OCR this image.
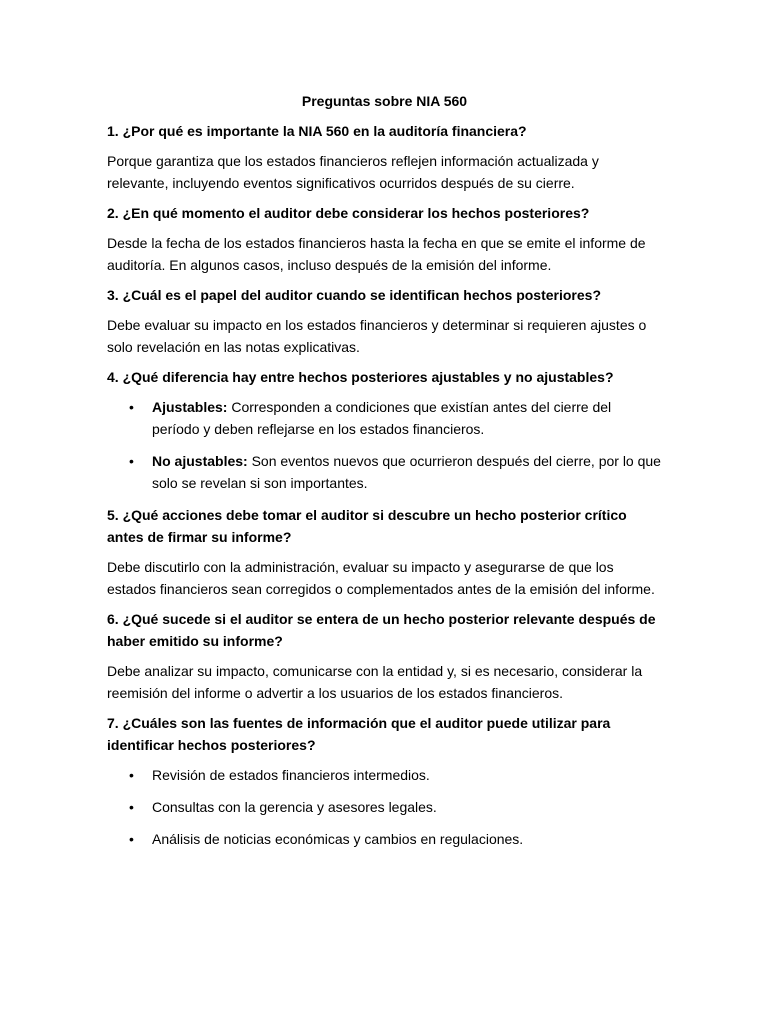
Preguntas sobre NIA 560

1. ¿Por qué es importante la NIA 560 en la auditoría financiera?

Porque garantiza que los estados financieros reflejen información actualizada y relevante, incluyendo eventos significativos ocurridos después de su cierre.

2. ¿En qué momento el auditor debe considerar los hechos posteriores?

Desde la fecha de los estados financieros hasta la fecha en que se emite el informe de auditoría. En algunos casos, incluso después de la emisión del informe.

3. ¿Cuál es el papel del auditor cuando se identifican hechos posteriores?

Debe evaluar su impacto en los estados financieros y determinar si requieren ajustes o solo revelación en las notas explicativas.

4. ¿Qué diferencia hay entre hechos posteriores ajustables y no ajustables?

• Ajustables: Corresponden a condiciones que existían antes del cierre del período y deben reflejarse en los estados financieros.
• No ajustables: Son eventos nuevos que ocurrieron después del cierre, por lo que solo se revelan si son importantes.

5. ¿Qué acciones debe tomar el auditor si descubre un hecho posterior crítico antes de firmar su informe?

Debe discutirlo con la administración, evaluar su impacto y asegurarse de que los estados financieros sean corregidos o complementados antes de la emisión del informe.

6. ¿Qué sucede si el auditor se entera de un hecho posterior relevante después de haber emitido su informe?

Debe analizar su impacto, comunicarse con la entidad y, si es necesario, considerar la reemisión del informe o advertir a los usuarios de los estados financieros.

7. ¿Cuáles son las fuentes de información que el auditor puede utilizar para identificar hechos posteriores?

• Revisión de estados financieros intermedios.
• Consultas con la gerencia y asesores legales.
• Análisis de noticias económicas y cambios en regulaciones.
